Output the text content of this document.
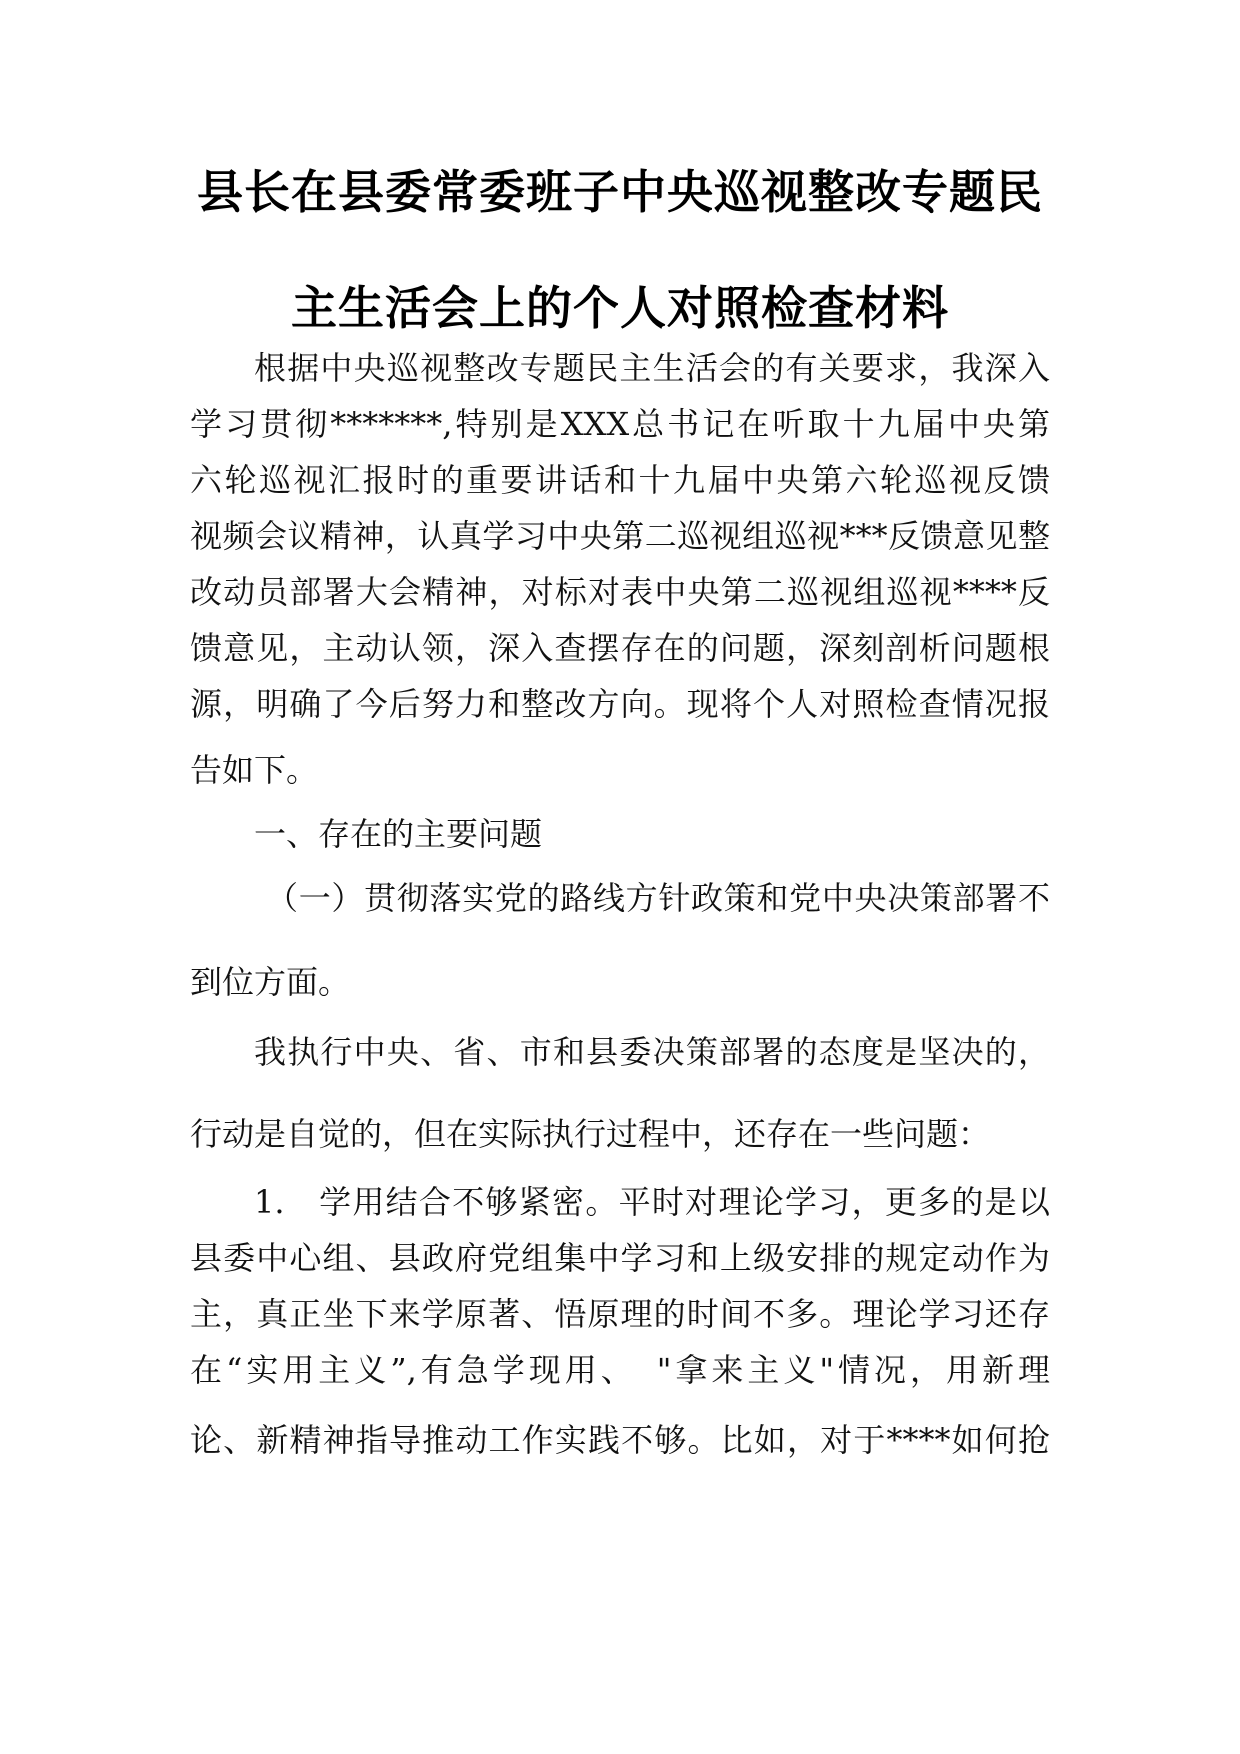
县长在县委常委班子中央巡视整改专题民
主生活会上的个人对照检查材料
根据中央巡视整改专题民主生活会的有关要求，我深入
学习贯彻*******,特别是XXX总书记在听取十九届中央第
六轮巡视汇报时的重要讲话和十九届中央第六轮巡视反馈
视频会议精神，认真学习中央第二巡视组巡视***反馈意见整
改动员部署大会精神，对标对表中央第二巡视组巡视****反
馈意见，主动认领，深入查摆存在的问题，深刻剖析问题根
源，明确了今后努力和整改方向。现将个人对照检查情况报
告如下。
一、存在的主要问题
（一）贯彻落实党的路线方针政策和党中央决策部署不
到位方面。
我执行中央、省、市和县委决策部署的态度是坚决的，
行动是自觉的，但在实际执行过程中，还存在一些问题：
1.　学用结合不够紧密。平时对理论学习，更多的是以
县委中心组、县政府党组集中学习和上级安排的规定动作为
主，真正坐下来学原著、悟原理的时间不多。理论学习还存
在“实用主义”,有急学现用、　"拿来主义"情况，用新理
论、新精神指导推动工作实践不够。比如，对于****如何抢
